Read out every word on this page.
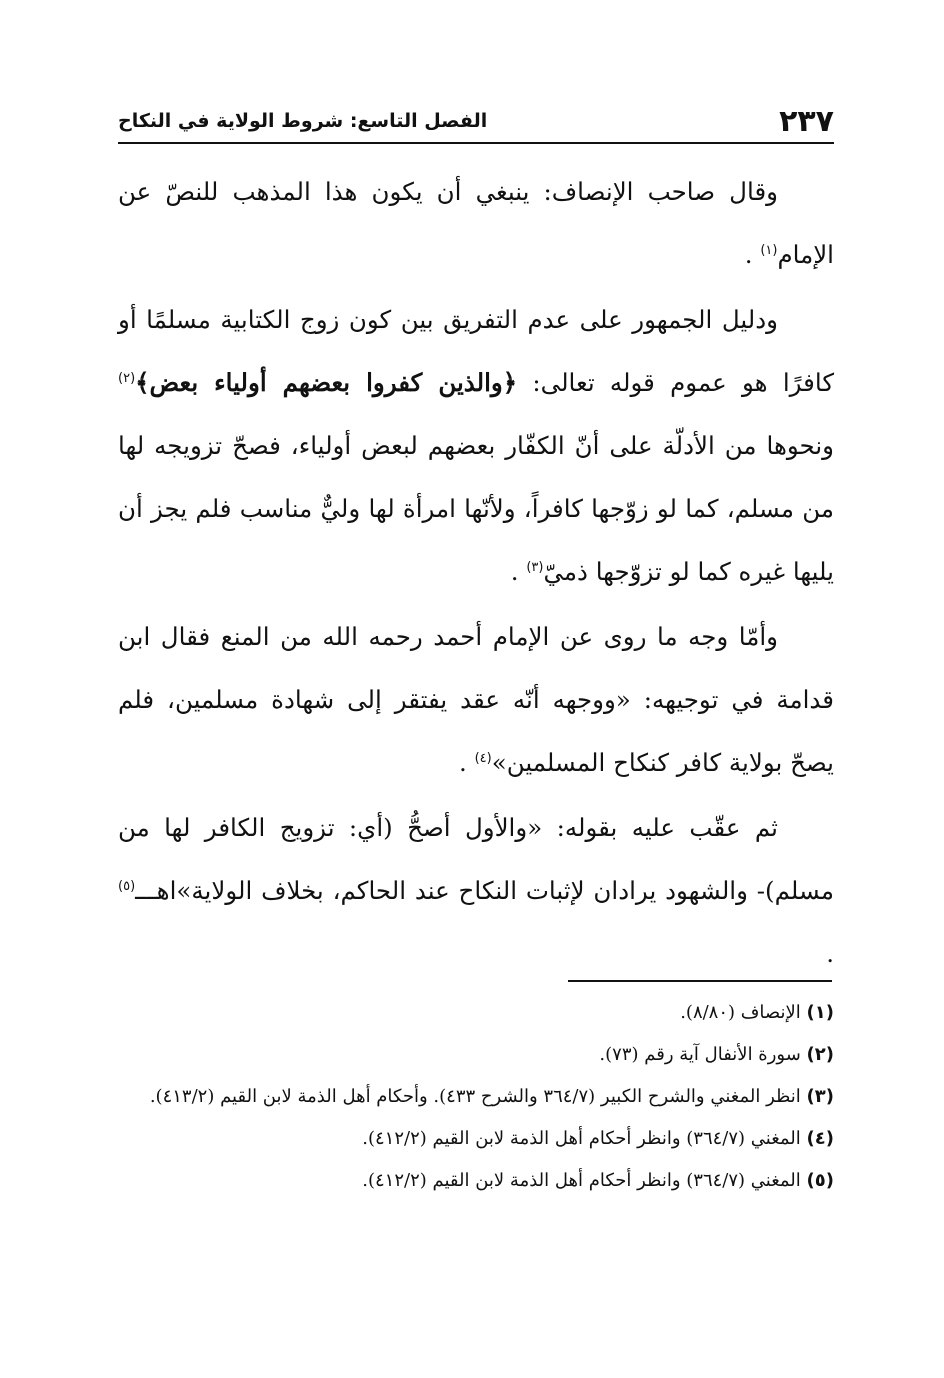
٢٣٧
الفصل التاسع: شروط الولاية في النكاح

وقال صاحب الإنصاف: ينبغي أن يكون هذا المذهب للنصّ عن الإمام$^{(١)}$ .

ودليل الجمهور على عدم التفريق بين كون زوج الكتابية مسلمًا أو كافرًا هو عموم قوله تعالى: ﴿والذين كفروا بعضهم أولياء بعض﴾$^{(٢)}$ ونحوها من الأدلّة على أنّ الكفّار بعضهم لبعض أولياء، فصحّ تزويجه لها من مسلم، كما لو زوّجها كافراً، ولأنّها امرأة لها وليٌّ مناسب فلم يجز أن يليها غيره كما لو تزوّجها ذميّ$^{(٣)}$ .

وأمّا وجه ما روى عن الإمام أحمد رحمه الله من المنع فقال ابن قدامة في توجيهه: «ووجهه أنّه عقد يفتقر إلى شهادة مسلمين، فلم يصحّ بولاية كافر كنكاح المسلمين»$^{(٤)}$ .

ثم عقّب عليه بقوله: «والأول أصحُّ (أي: تزويج الكافر لها من مسلم)- والشهود يرادان لإثبات النكاح عند الحاكم، بخلاف الولاية»اهـــ$^{(٥)}$ .

(١) الإنصاف (٨/٨٠).
(٢) سورة الأنفال آية رقم (٧٣).
(٣) انظر المغني والشرح الكبير (٣٦٤/٧ والشرح ٤٣٣). وأحكام أهل الذمة لابن القيم (٤١٣/٢).
(٤) المغني (٣٦٤/٧) وانظر أحكام أهل الذمة لابن القيم (٤١٢/٢).
(٥) المغني (٣٦٤/٧) وانظر أحكام أهل الذمة لابن القيم (٤١٢/٢).
